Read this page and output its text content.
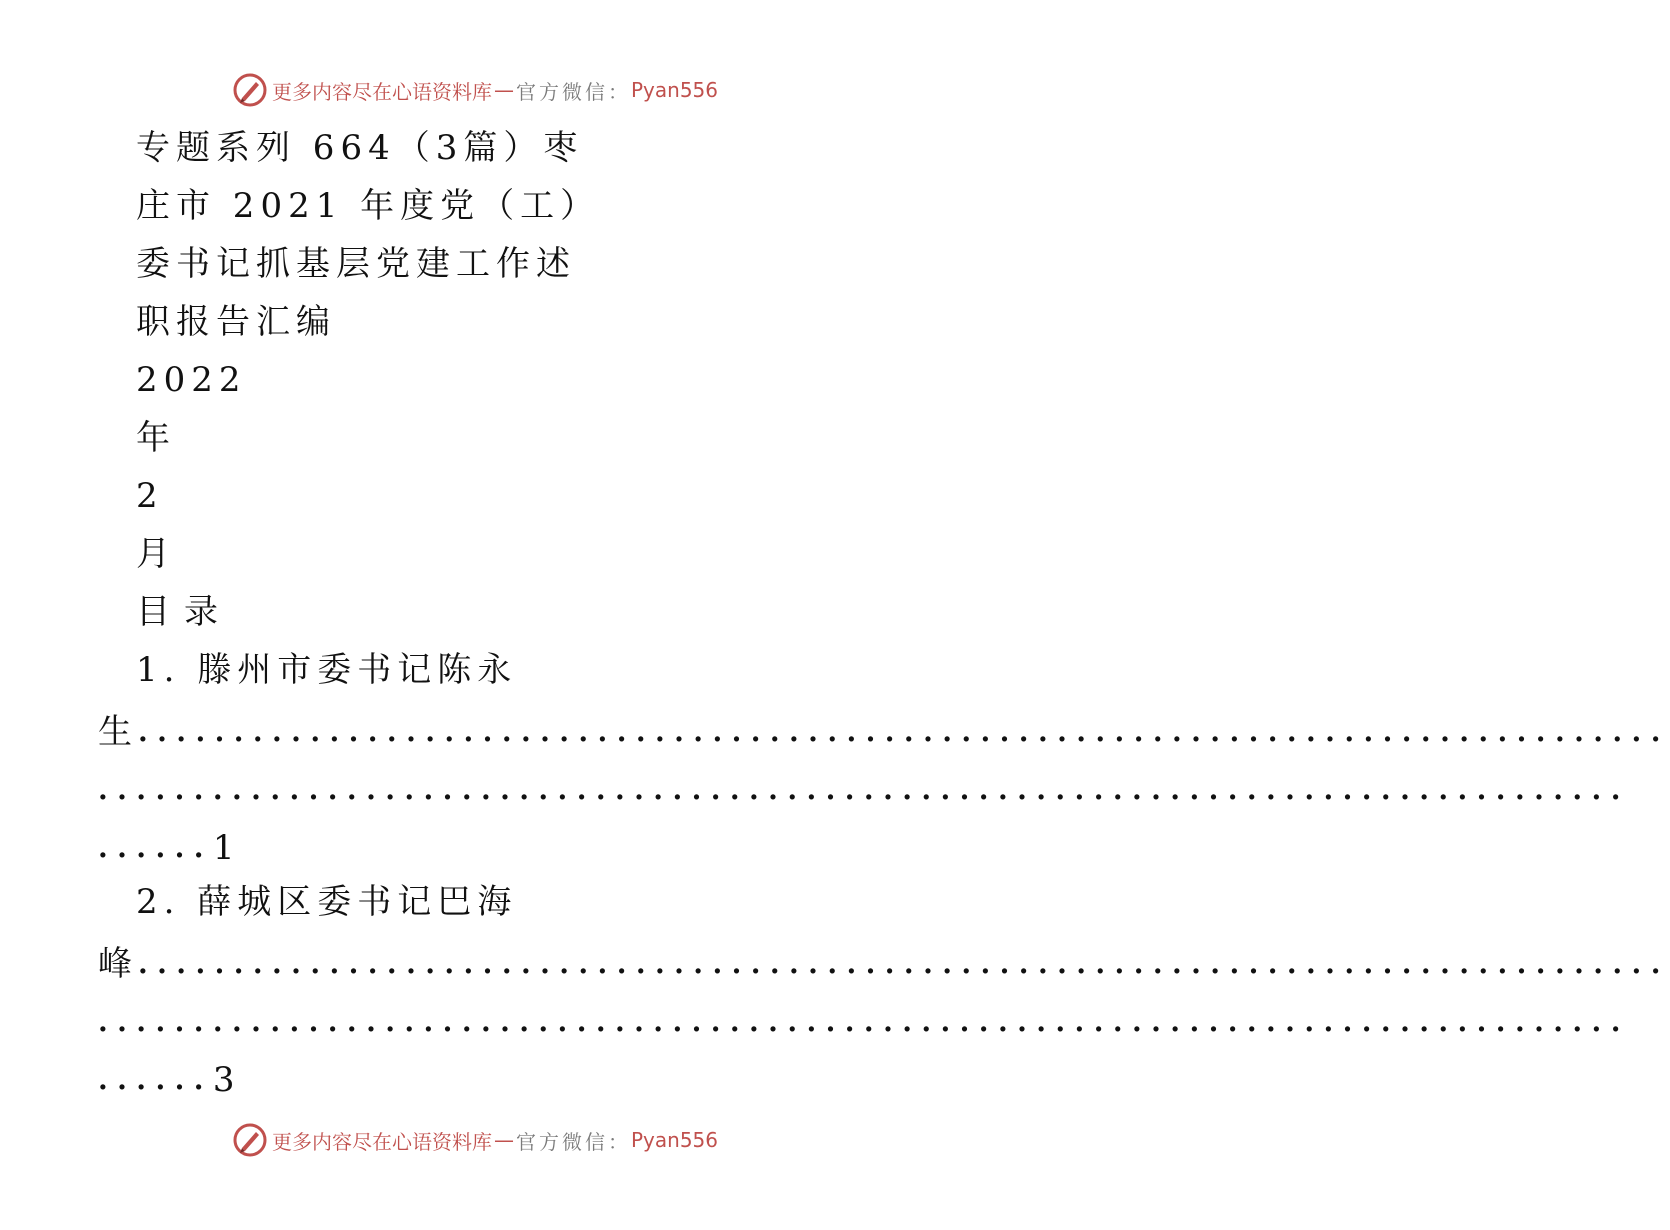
更多内容尽在心语资料库 — 官方微信： Pyan556

专题系列 664（3篇）枣

庄市 2021 年度党（工）

委书记抓基层党建工作述

职报告汇编

2022

年

2

月

目录

1. 滕州市委书记陈永
生 ................................................................................
................................................................................
...... 1
2. 薛城区委书记巴海
峰 ................................................................................
................................................................................
...... 3
更多内容尽在心语资料库 — 官方微信： Pyan556
